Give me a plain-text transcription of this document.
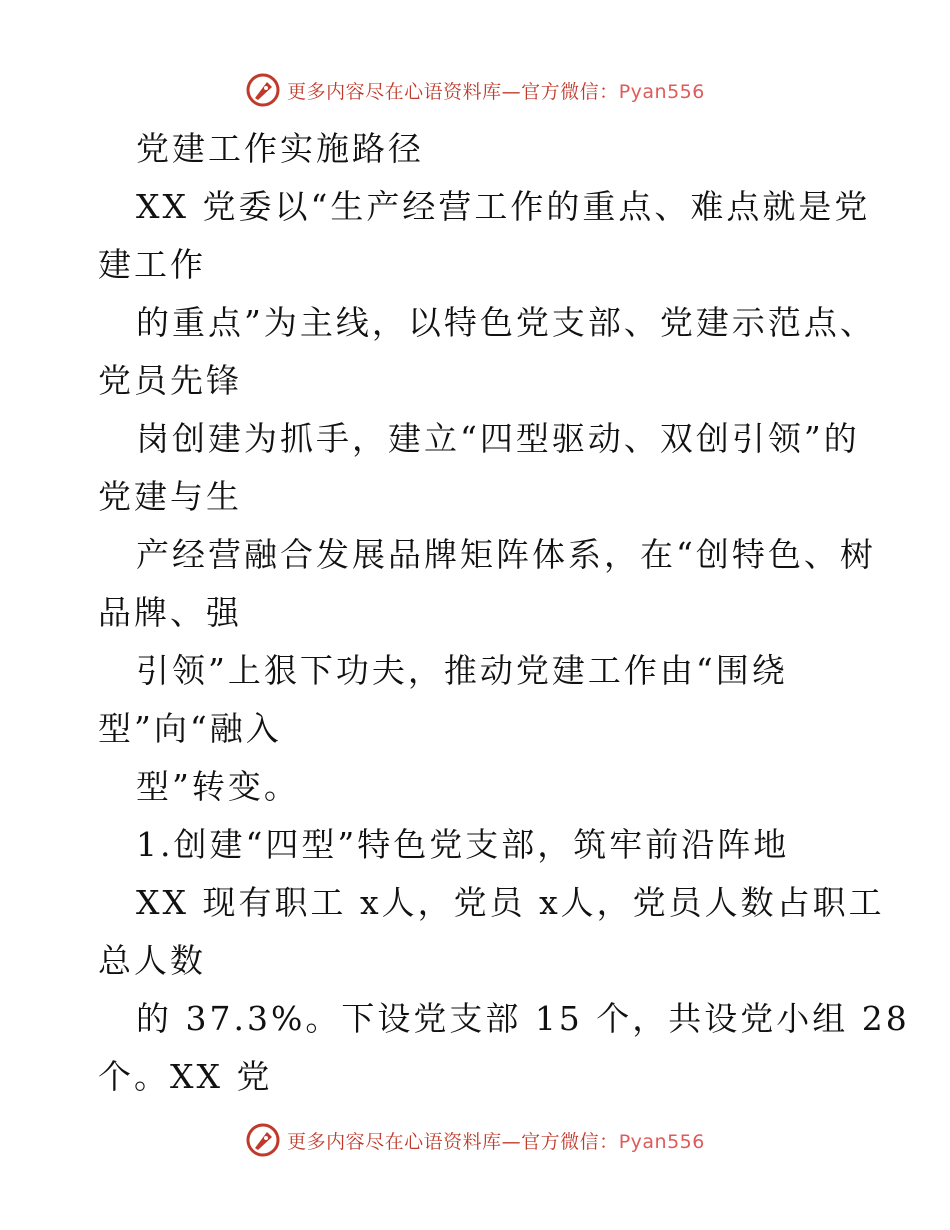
更多内容尽在心语资料库—官方微信：Pyan556
党建工作实施路径
XX 党委以“生产经营工作的重点、难点就是党
建工作
的重点”为主线，以特色党支部、党建示范点、
党员先锋
岗创建为抓手，建立“四型驱动、双创引领”的
党建与生
产经营融合发展品牌矩阵体系，在“创特色、树
品牌、强
引领”上狠下功夫，推动党建工作由“围绕
型”向“融入
型”转变。
1.创建“四型”特色党支部，筑牢前沿阵地
XX 现有职工 x人，党员 x人，党员人数占职工
总人数
的 37.3%。下设党支部 15 个，共设党小组 28
个。XX 党
更多内容尽在心语资料库—官方微信：Pyan556
